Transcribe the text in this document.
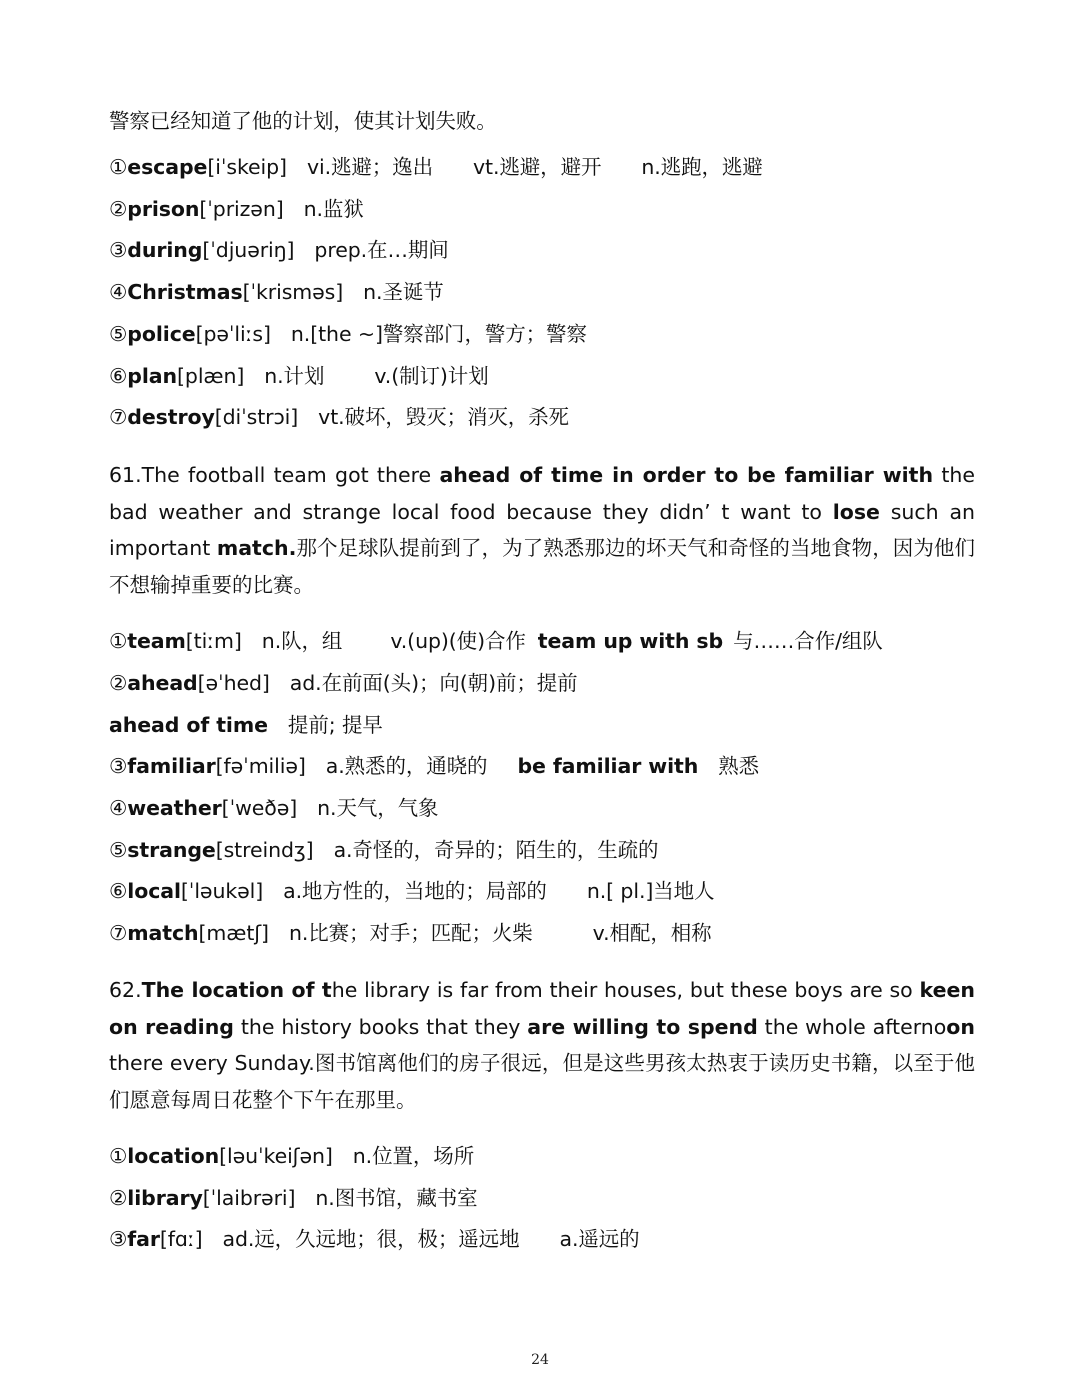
警察已经知道了他的计划，使其计划失败。
①escape[iˈskeip] vi.逃避；逸出 vt.逃避，避开 n.逃跑，逃避
②prison[ˈprizən] n.监狱
③during[ˈdjuəriŋ] prep.在…期间
④Christmas[ˈkrisməs] n.圣诞节
⑤police[pəˈliːs] n.[the ~]警察部门，警方；警察
⑥plan[plæn] n.计划 v.(制订)计划
⑦destroy[diˈstrɔi] vt.破坏，毁灭；消灭，杀死
61.The football team got there ahead of time in order to be familiar with the bad weather and strange local food because they didn’ t want to lose such an important match.那个足球队提前到了，为了熟悉那边的坏天气和奇怪的当地食物，因为他们不想输掉重要的比赛。
①team[tiːm] n.队，组 v.(up)(使)合作 team up with sb 与……合作/组队
②ahead[əˈhed] ad.在前面(头)；向(朝)前；提前
ahead of time 提前; 提早
③familiar[fəˈmiliə] a.熟悉的，通晓的 be familiar with 熟悉
④weather[ˈweðə] n.天气，气象
⑤strange[streindʒ] a.奇怪的，奇异的；陌生的，生疏的
⑥local[ˈləukəl] a.地方性的，当地的；局部的 n.[ pl.]当地人
⑦match[mætʃ] n.比赛；对手；匹配；火柴	v.相配，相称
62.The location of the library is far from their houses, but these boys are so keen on reading the history books that they are willing to spend the whole afternoon there every Sunday.图书馆离他们的房子很远，但是这些男孩太热衷于读历史书籍，以至于他们愿意每周日花整个下午在那里。
①location[ləuˈkeiʃən] n.位置，场所
②library[ˈlaibrəri] n.图书馆，藏书室
③far[fɑː] ad.远，久远地；很，极；遥远地 a.遥远的
24
